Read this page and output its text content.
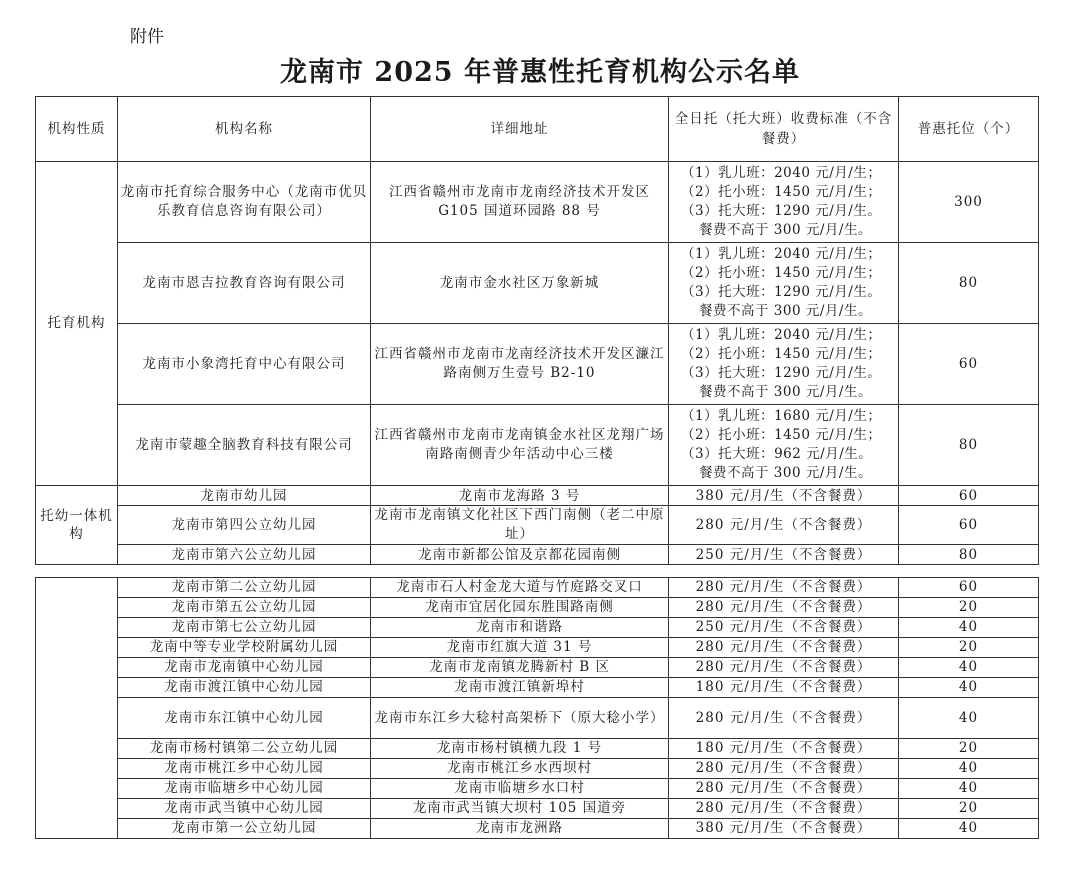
附件
龙南市 2025 年普惠性托育机构公示名单
机构性质	机构名称	详细地址	全日托（托大班）收费标准（不含餐费）	普惠托位（个）
托育机构	龙南市托育综合服务中心（龙南市优贝乐教育信息咨询有限公司）	江西省赣州市龙南市龙南经济技术开发区G105 国道环园路 88 号	（1）乳儿班：2040 元/月/生；
（2）托小班：1450 元/月/生；
（3）托大班：1290 元/月/生。
餐费不高于 300 元/月/生。	300
	龙南市恩吉拉教育咨询有限公司	龙南市金水社区万象新城	（1）乳儿班：2040 元/月/生；
（2）托小班：1450 元/月/生；
（3）托大班：1290 元/月/生。
餐费不高于 300 元/月/生。	80
	龙南市小象湾托育中心有限公司	江西省赣州市龙南市龙南经济技术开发区濂江路南侧万生壹号 B2-10	（1）乳儿班：2040 元/月/生；
（2）托小班：1450 元/月/生；
（3）托大班：1290 元/月/生。
餐费不高于 300 元/月/生。	60
	龙南市蒙趣全脑教育科技有限公司	江西省赣州市龙南市龙南镇金水社区龙翔广场南路南侧青少年活动中心三楼	（1）乳儿班：1680 元/月/生；
（2）托小班：1450 元/月/生；
（3）托大班：962 元/月/生。
餐费不高于 300 元/月/生。	80
托幼一体机构	龙南市幼儿园	龙南市龙海路 3 号	380 元/月/生（不含餐费）	60
	龙南市第四公立幼儿园	龙南市龙南镇文化社区下西门南侧（老二中原址）	280 元/月/生（不含餐费）	60
	龙南市第六公立幼儿园	龙南市新都公馆及京都花园南侧	250 元/月/生（不含餐费）	80
	龙南市第二公立幼儿园	龙南市石人村金龙大道与竹庭路交叉口	280 元/月/生（不含餐费）	60
	龙南市第五公立幼儿园	龙南市宜居化园东胜围路南侧	280 元/月/生（不含餐费）	20
	龙南市第七公立幼儿园	龙南市和谐路	250 元/月/生（不含餐费）	40
	龙南中等专业学校附属幼儿园	龙南市红旗大道 31 号	280 元/月/生（不含餐费）	20
	龙南市龙南镇中心幼儿园	龙南市龙南镇龙腾新村 B 区	280 元/月/生（不含餐费）	40
	龙南市渡江镇中心幼儿园	龙南市渡江镇新埠村	180 元/月/生（不含餐费）	40
	龙南市东江镇中心幼儿园	龙南市东江乡大稔村高架桥下（原大稔小学）	280 元/月/生（不含餐费）	40
	龙南市杨村镇第二公立幼儿园	龙南市杨村镇横九段 1 号	180 元/月/生（不含餐费）	20
	龙南市桃江乡中心幼儿园	龙南市桃江乡水西坝村	280 元/月/生（不含餐费）	40
	龙南市临塘乡中心幼儿园	龙南市临塘乡水口村	280 元/月/生（不含餐费）	40
	龙南市武当镇中心幼儿园	龙南市武当镇大坝村 105 国道旁	280 元/月/生（不含餐费）	20
	龙南市第一公立幼儿园	龙南市龙洲路	380 元/月/生（不含餐费）	40
